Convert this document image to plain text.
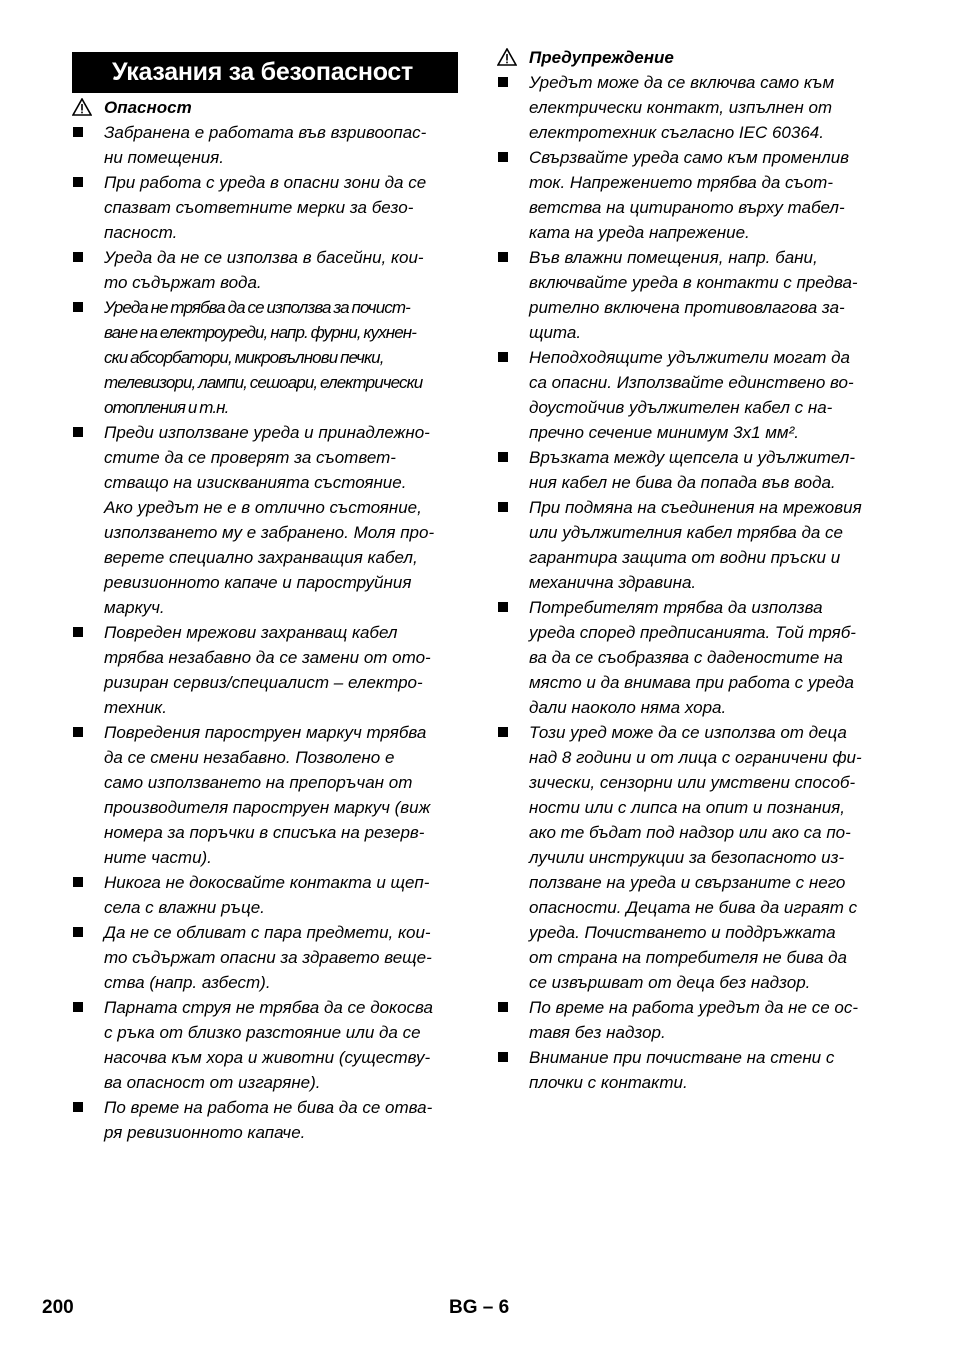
Указания за безопасност
Опасност
Забранена е работата във взривоопас-
ни помещения.
При работа с уреда в опасни зони да се
спазват съответните мерки за безо-
пасност.
Уреда да не се използва в басейни, кои-
то съдържат вода.
Уреда не трябва да се използва за почист-
ване на електроуреди, напр. фурни, кухнен-
ски абсорбатори, микровълнови печки,
телевизори, лампи, сешоари, електрически
отопления и т.н.
Преди използване уреда и принадлежно-
стите да се проверят за съответ-
стващо на изискванията състояние.
Ако уредът не е в отлично състояние,
използването му е забранено. Моля про-
верете специално захранващия кабел,
ревизионното капаче и пароструйния
маркуч.
Повреден мрежови захранващ кабел
трябва незабавно да се замени от ото-
ризиран сервиз/специалист – електро-
техник.
Повредения пароструен маркуч трябва
да се смени незабавно. Позволено е
само използването на препоръчан от
производителя пароструен маркуч (виж
номера за поръчки в списъка на резерв-
ните части).
Никога не докосвайте контакта и щеп-
села с влажни ръце.
Да не се обливат с пара предмети, кои-
то съдържат опасни за здравето веще-
ства (напр. азбест).
Парната струя не трябва да се докосва
с ръка от близко разстояние или да се
насочва към хора и животни (существу-
ва опасност от изгаряне).
По време на работа не бива да се отва-
ря ревизионното капаче.
Предупреждение
Уредът може да се включва само към
електрически контакт, изпълнен от
електротехник съгласно IEC 60364.
Свързвайте уреда само към променлив
ток. Напрежението трябва да съот-
ветства на цитираното върху табел-
ката на уреда напрежение.
Във влажни помещения, напр. бани,
включвайте уреда в контакти с предва-
рително включена противовлагова за-
щита.
Неподходящите удължители могат да
са опасни. Използвайте единствено во-
доустойчив удължителен кабел с на-
пречно сечение минимум 3x1 мм².
Връзката между щепсела и удължител-
ния кабел не бива да попада във вода.
При подмяна на съединения на мрежовия
или удължителния кабел трябва да се
гарантира защита от водни пръски и
механична здравина.
Потребителят трябва да използва
уреда според предписанията. Той тряб-
ва да се съобразява с даденостите на
място и да внимава при работа с уреда
дали наоколо няма хора.
Този уред може да се използва от деца
над 8 години и от лица с ограничени фи-
зически, сензорни или умствени способ-
ности или с липса на опит и познания,
ако те бъдат под надзор или ако са по-
лучили инструкции за безопасното из-
ползване на уреда и свързаните с него
опасности. Децата не бива да играят с
уреда. Почистването и поддръжката
от страна на потребителя не бива да
се извършват от деца без надзор.
По време на работа уредът да не се ос-
тавя без надзор.
Внимание при почистване на стени с
плочки с контакти.
200	BG – 6
